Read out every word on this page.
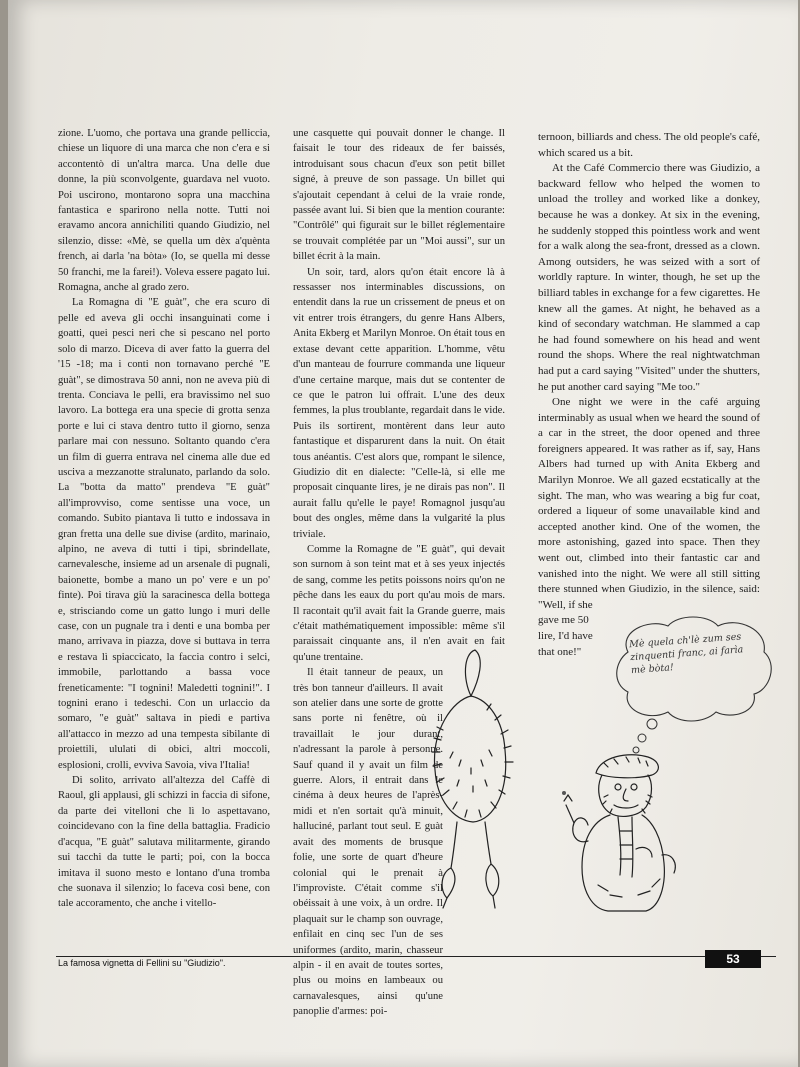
zione. L'uomo, che portava una grande pelliccia, chiese un liquore di una marca che non c'era e si accontentò di un'altra marca. Una delle due donne, la più sconvolgente, guardava nel vuoto. Poi uscirono, montarono sopra una macchina fantastica e sparirono nella notte. Tutti noi eravamo ancora annichiliti quando Giudizio, nel silenzio, disse: «Mè, se quella um dèx a'quènta french, ai darla 'na bòta» (Io, se quella mi desse 50 franchi, me la farei!). Voleva essere pagato lui. Romagna, anche al grado zero.

La Romagna di "E guàt", che era scuro di pelle ed aveva gli occhi insanguinati come i goatti, quei pesci neri che si pescano nel porto solo di marzo. Diceva di aver fatto la guerra del '15 -18; ma i conti non tornavano perché "E guàt", se dimostrava 50 anni, non ne aveva più di trenta. Conciava le pelli, era bravissimo nel suo lavoro. La bottega era una specie di grotta senza porte e lui ci stava dentro tutto il giorno, senza parlare mai con nessuno. Soltanto quando c'era un film di guerra entrava nel cinema alle due ed usciva a mezzanotte stralunato, parlando da solo. La "botta da matto" prendeva "E guàt" all'improvviso, come sentisse una voce, un comando. Subito piantava lì tutto e indossava in gran fretta una delle sue divise (ardito, marinaio, alpino, ne aveva di tutti i tipi, sbrindellate, carnevalesche, insieme ad un arsenale di pugnali, baionette, bombe a mano un po' vere e un po' finte). Poi tirava giù la saracinesca della bottega e, strisciando come un gatto lungo i muri delle case, con un pugnale tra i denti e una bomba per mano, arrivava in piazza, dove si buttava in terra e restava lì spiaccicato, la faccia contro i selci, immobile, parlottando a bassa voce freneticamente: "I tognini! Maledetti tognini!". I tognini erano i tedeschi. Con un urlaccio da somaro, "e guàt" saltava in piedi e partiva all'attacco in mezzo ad una tempesta sibilante di proiettili, ululati di obici, altri moccoli, esplosioni, crolli, evviva Savoia, viva l'Italia!

Di solito, arrivato all'altezza del Caffè di Raoul, gli applausi, gli schizzi in faccia di sifone, da parte dei vitelloni che lì lo aspettavano, coincidevano con la fine della battaglia. Fradicio d'acqua, "E guàt" salutava militarmente, girando sui tacchi da tutte le parti; poi, con la bocca imitava il suono mesto e lontano d'una tromba che suonava il silenzio; lo faceva così bene, con tale accoramento, che anche i vitello-

une casquette qui pouvait donner le change. Il faisait le tour des rideaux de fer baissés, introduisant sous chacun d'eux son petit billet signé, à preuve de son passage. Un billet qui s'ajoutait cependant à celui de la vraie ronde, passée avant lui. Si bien que la mention courante: "Contrôlé" qui figurait sur le billet réglementaire se trouvait complétée par un "Moi aussi", sur un billet écrit à la main.

Un soir, tard, alors qu'on était encore là à ressasser nos interminables discussions, on entendit dans la rue un crissement de pneus et on vit entrer trois étrangers, du genre Hans Albers, Anita Ekberg et Marilyn Monroe. On était tous en extase devant cette apparition. L'homme, vêtu d'un manteau de fourrure commanda une liqueur d'une certaine marque, mais dut se contenter de ce que le patron lui offrait. L'une des deux femmes, la plus troublante, regardait dans le vide. Puis ils sortirent, montèrent dans leur auto fantastique et disparurent dans la nuit. On était tous anéantis. C'est alors que, rompant le silence, Giudizio dit en dialecte: "Celle-là, si elle me proposait cinquante lires, je ne dirais pas non". Il aurait fallu qu'elle le paye! Romagnol jusqu'au bout des ongles, même dans la vulgarité la plus triviale.

Comme la Romagne de "E guàt", qui devait son surnom à son teint mat et à ses yeux injectés de sang, comme les petits poissons noirs qu'on ne pêche dans les eaux du port qu'au mois de mars. Il racontait qu'il avait fait la Grande guerre, mais c'était mathématiquement impossible: même s'il paraissait cinquante ans, il n'en avait en fait qu'une trentaine.

Il était tanneur de peaux, un très bon tanneur d'ailleurs. Il avait son atelier dans une sorte de grotte sans porte ni fenêtre, où il travaillait le jour durant, n'adressant la parole à personne. Sauf quand il y avait un film de guerre. Alors, il entrait dans le cinéma à deux heures de l'après-midi et n'en sortait qu'à minuit, halluciné, parlant tout seul. E guàt avait des moments de brusque folie, une sorte de quart d'heure colonial qui le prenait à l'improviste. C'était comme s'il obéissait à une voix, à un ordre. Il plaquait sur le champ son ouvrage, enfilait en cinq sec l'un de ses uniformes (ardito, marin, chasseur alpin - il en avait de toutes sortes, plus ou moins en lambeaux ou carnavalesques, ainsi qu'une panoplie d'armes: poi-

ternoon, billiards and chess. The old people's café, which scared us a bit.

At the Café Commercio there was Giudizio, a backward fellow who helped the women to unload the trolley and worked like a donkey, because he was a donkey. At six in the evening, he suddenly stopped this pointless work and went for a walk along the sea-front, dressed as a clown. Among outsiders, he was seized with a sort of worldly rapture. In winter, though, he set up the billiard tables in exchange for a few cigarettes. He knew all the games. At night, he behaved as a kind of secondary watchman. He slammed a cap he had found somewhere on his head and went round the shops. Where the real nightwatchman had put a card saying "Visited" under the shutters, he put another card saying "Me too."

One night we were in the café arguing interminably as usual when we heard the sound of a car in the street, the door opened and three foreigners appeared. It was rather as if, say, Hans Albers had turned up with Anita Ekberg and Marilyn Monroe. We all gazed ecstatically at the sight. The man, who was wearing a big fur coat, ordered a liqueur of some unavailable kind and accepted another kind. One of the women, the more astonishing, gazed into space. Then they went out, climbed into their fantastic car and vanished into the night. We were all still sitting there stunned when Giudizio, in the silence, said: "Well, if she

gave me 50 lire, I'd have that one!"

Mè quela ch'lè zum ses zinquenti franc, ai farìa mè bòta!
La famosa vignetta di Fellini su "Giudizio".	53
